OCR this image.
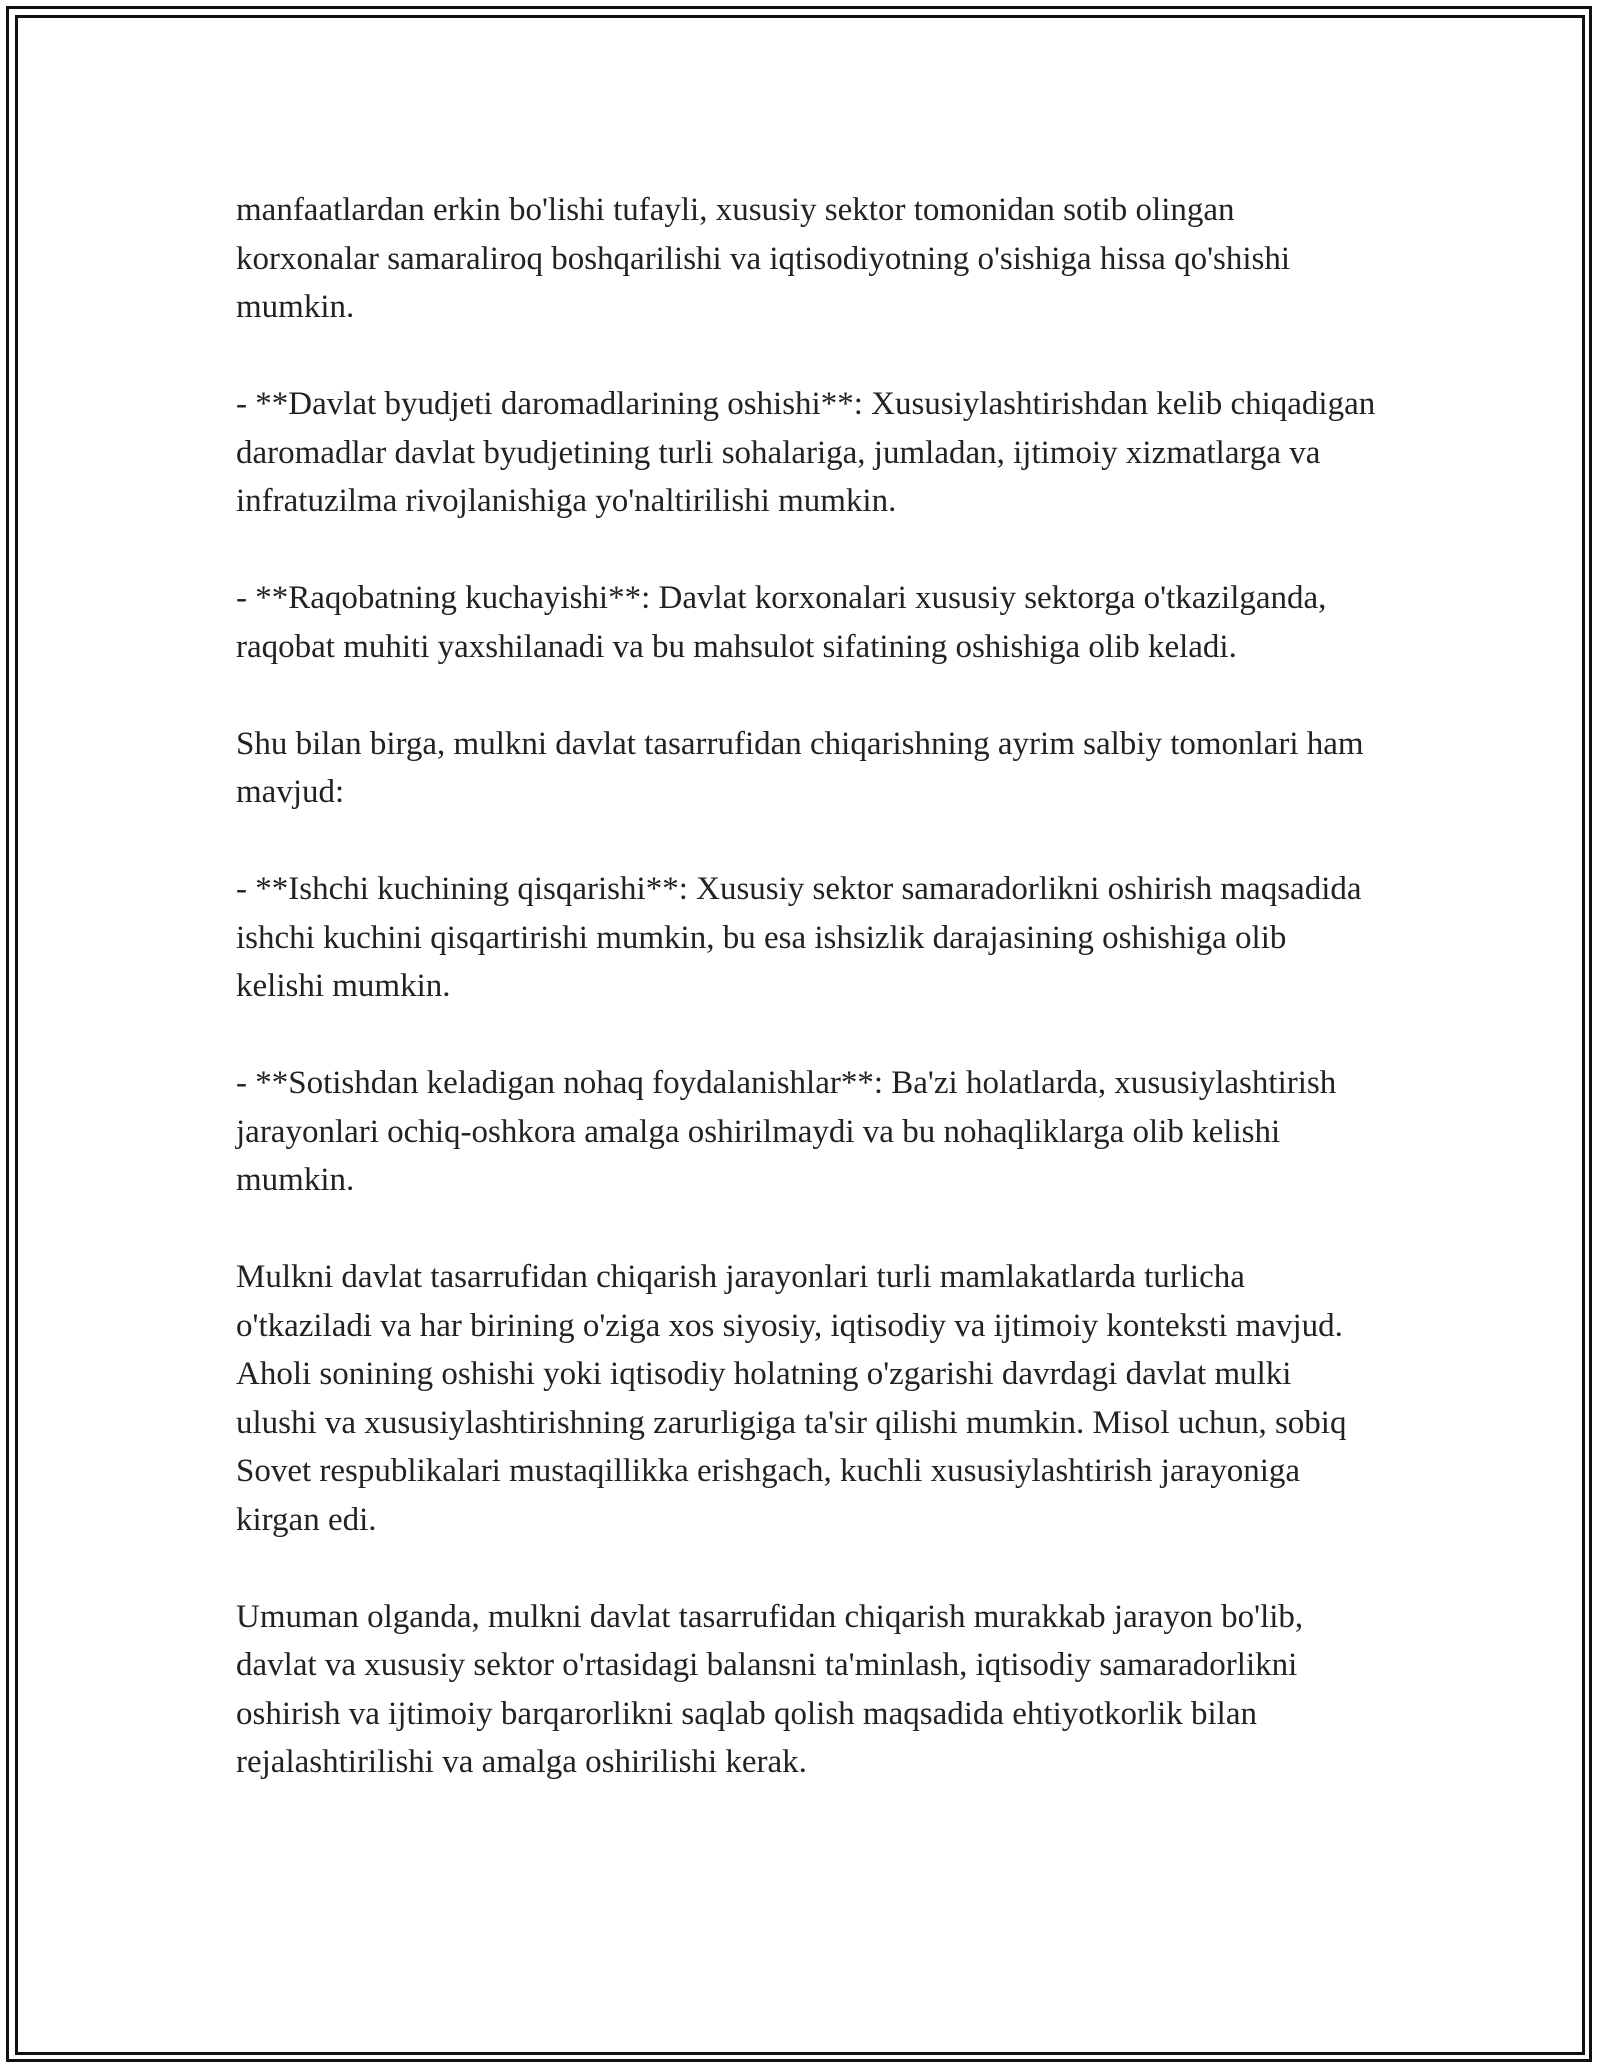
manfaatlardan erkin bo'lishi tufayli, xususiy sektor tomonidan sotib olingan korxonalar samaraliroq boshqarilishi va iqtisodiyotning o'sishiga hissa qo'shishi mumkin.

- **Davlat byudjeti daromadlarining oshishi**: Xususiylashtirishdan kelib chiqadigan daromadlar davlat byudjetining turli sohalariga, jumladan, ijtimoiy xizmatlarga va infratuzilma rivojlanishiga yo'naltirilishi mumkin.

- **Raqobatning kuchayishi**: Davlat korxonalari xususiy sektorga o'tkazilganda, raqobat muhiti yaxshilanadi va bu mahsulot sifatining oshishiga olib keladi.

Shu bilan birga, mulkni davlat tasarrufidan chiqarishning ayrim salbiy tomonlari ham mavjud:

- **Ishchi kuchining qisqarishi**: Xususiy sektor samaradorlikni oshirish maqsadida ishchi kuchini qisqartirishi mumkin, bu esa ishsizlik darajasining oshishiga olib kelishi mumkin.

- **Sotishdan keladigan nohaq foydalanishlar**: Ba'zi holatlarda, xususiylashtirish jarayonlari ochiq-oshkora amalga oshirilmaydi va bu nohaqliklarga olib kelishi mumkin.

Mulkni davlat tasarrufidan chiqarish jarayonlari turli mamlakatlarda turlicha o'tkaziladi va har birining o'ziga xos siyosiy, iqtisodiy va ijtimoiy konteksti mavjud. Aholi sonining oshishi yoki iqtisodiy holatning o'zgarishi davrdagi davlat mulki ulushi va xususiylashtirishning zarurligiga ta'sir qilishi mumkin. Misol uchun, sobiq Sovet respublikalari mustaqillikka erishgach, kuchli xususiylashtirish jarayoniga kirgan edi.

Umuman olganda, mulkni davlat tasarrufidan chiqarish murakkab jarayon bo'lib, davlat va xususiy sektor o'rtasidagi balansni ta'minlash, iqtisodiy samaradorlikni oshirish va ijtimoiy barqarorlikni saqlab qolish maqsadida ehtiyotkorlik bilan rejalashtirilishi va amalga oshirilishi kerak.
